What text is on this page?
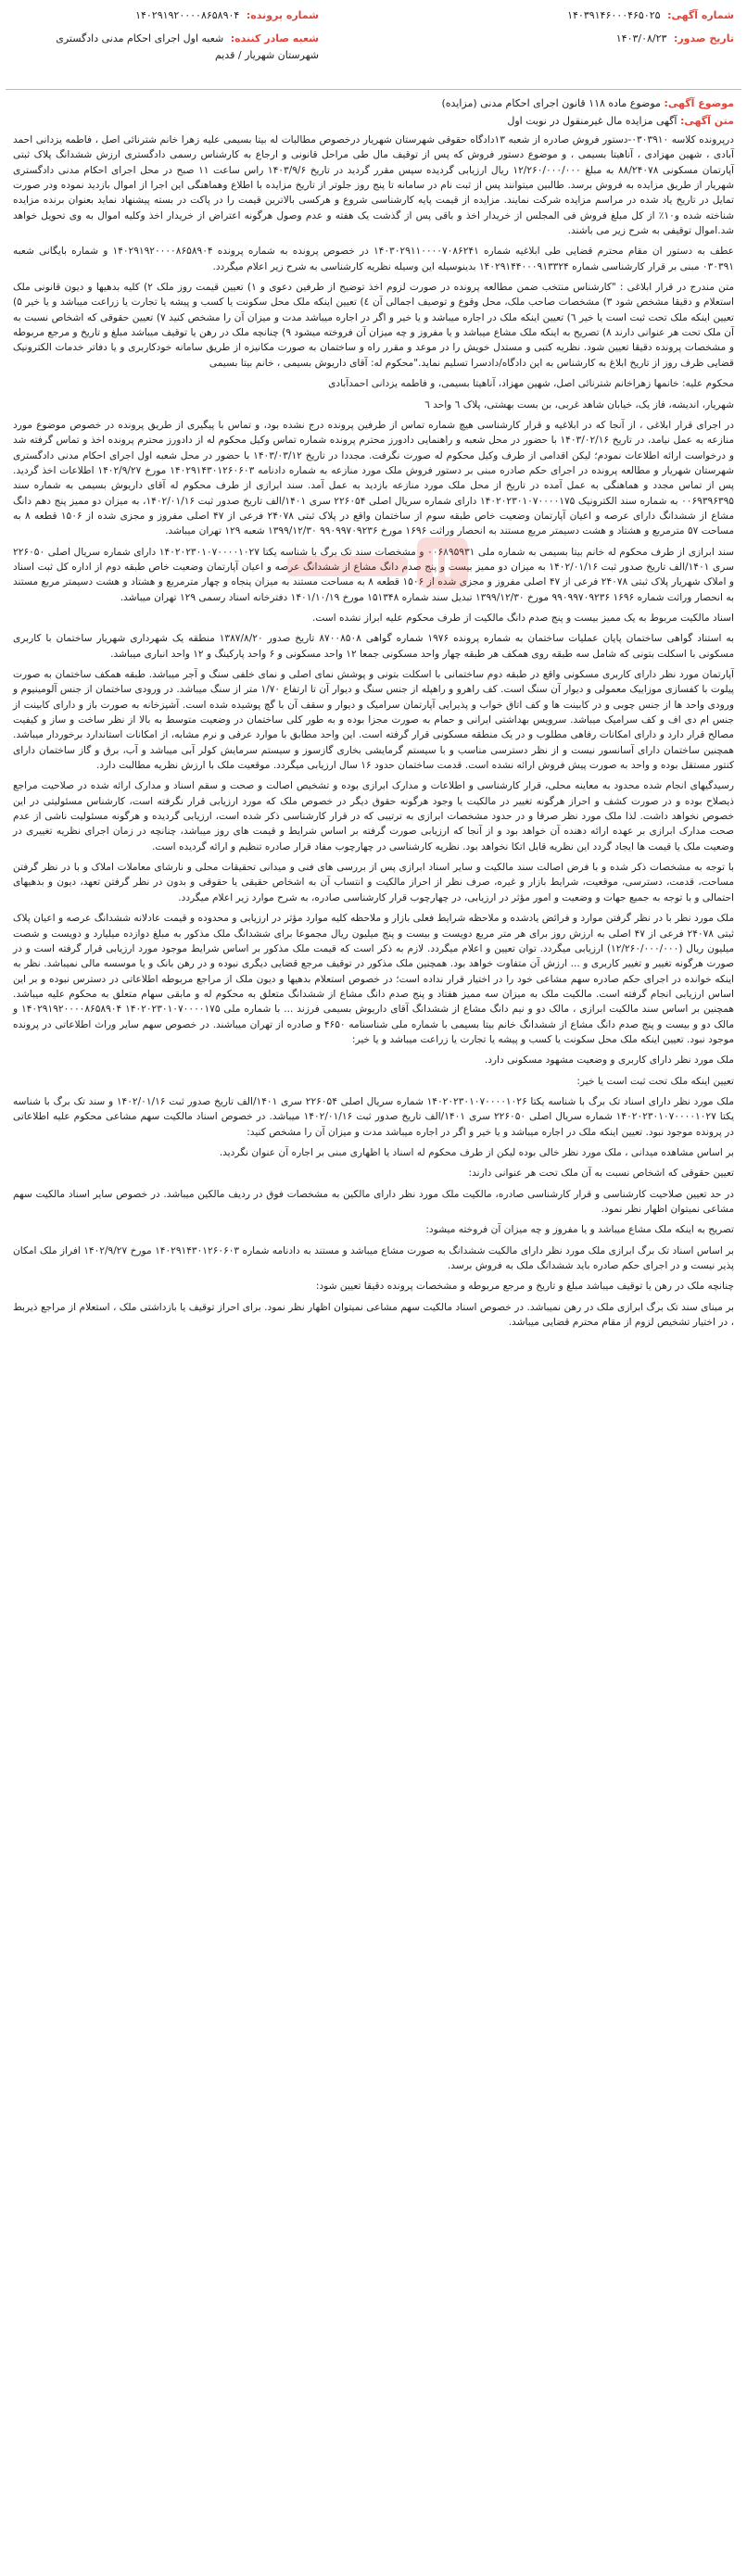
شماره آگهی: ۱۴۰۳۹۱۴۶۰۰۰۴۶۵۰۲۵
تاریخ صدور: ۱۴۰۳/۰۸/۲۳
شماره پرونده: ۱۴۰۲۹۱۹۲۰۰۰۰۸۶۵۸۹۰۴
شعبه صادر کننده: شعبه اول اجرای احکام مدنی دادگستری شهرستان شهریار / قدیم
موضوع آگهی: موضوع ماده ۱۱۸ قانون اجرای احکام مدنی (مزایده)
متن آگهی: آگهی مزایده مال غیرمنقول در نوبت اول

درپرونده کلاسه ۰۳۰۳۹۱۰-دستور فروش صادره از شعبه ۱۳دادگاه حقوقی شهرستان شهریار درخصوص مطالبات له بیتا بسیمی علیه زهرا خانم شترنائی اصل ، فاطمه یزدانی احمد آبادی ، شهین مهزادی ، آناهیتا بسیمی ، و موضوع دستور فروش که پس از توقیف مال طی مراحل قانونی و ارجاع به کارشناس رسمی دادگستری ارزش ششدانگ پلاک ثبتی آپارتمان مسکونی ۸۸/۲۴۰۷۸ به مبلغ ۱۲/۲۶۰/۰۰۰/۰۰۰ ریال ارزیابی گردیده سپس مقرر گردید در تاریخ ۱۴۰۳/۹/۶ راس ساعت ۱۱ صبح در محل اجرای احکام مدنی دادگستری شهریار از طریق مزایده به فروش برسد. طالبین میتوانند پس از ثبت نام در سامانه تا پنج روز جلوتر از تاریخ مزایده با اطلاع وهماهنگی این اجرا از اموال بازدید نموده ودر صورت تمایل در تاریخ یاد شده در مراسم مزایده شرکت نمایند. مزایده از قیمت پایه کارشناسی شروع و هرکسی بالاترین قیمت را در پاکت در بسته پیشنهاد نماید بعنوان برنده مزایده شناخته شده و۱۰٪ از کل مبلغ فروش فی المجلس از خریدار اخذ و باقی پس از گذشت یک هفته و عدم وصول هرگونه اعتراض از خریدار اخذ وکلیه اموال به وی تحویل خواهد شد.اموال توقیفی به شرح زیر می باشند.

عطف به دستور ان مقام محترم قضایی طی ابلاغیه شماره ۱۴۰۳۰۲۹۱۱۰۰۰۰۷۰۸۶۲۴۱ در خصوص پرونده به شماره پرونده ۱۴۰۲۹۱۹۲۰۰۰۰۸۶۵۸۹۰۴ و شماره بایگانی شعبه ۰۳۰۳۹۱ مبنی بر قرار کارشناسی شماره ۱۴۰۲۹۱۴۴۰۰۰۹۱۳۳۲۴ بدینوسیله این وسیله نظریه کارشناسی به شرح زیر اعلام میگردد.

متن مندرج در قرار ابلاغی : "کارشناس منتخب ضمن مطالعه پرونده در صورت لزوم اخذ توضیح از طرفین دعوی و ۱) تعیین قیمت روز ملک ۲) کلیه بدهیها و دیون قانونی ملک استعلام و دقیقا مشخص شود ۳) مشخصات صاحب ملک، محل وقوع و توصیف اجمالی آن ٤) تعیین اینکه ملک محل سکونت یا کسب و پیشه یا تجارت یا زراعت میباشد و یا خیر ۵) تعیین اینکه ملک تحت ثبت است یا خیر ٦) تعیین اینکه ملک در اجاره میباشد و یا خیر و اگر در اجاره میباشد مدت و میزان آن را مشخص کنید ۷) تعیین حقوقی که اشخاص نسبت به آن ملک تحت هر عنوانی دارند ۸) تصریح به اینکه ملک مشاع میباشد و یا مفروز و چه میزان آن فروخته میشود ۹) چنانچه ملک در رهن یا توقیف میباشد مبلغ و تاریخ و مرجع مربوطه و مشخصات پرونده دقیقا تعیین شود. نظریه کتبی و مستدل خویش را در موعد و مقرر راه و ساختمان به صورت مکانیزه از طریق سامانه خودکاربری و یا دفاتر خدمات الکترونیک قضایی ظرف روز از تاریخ ابلاغ به کارشناس به این دادگاه/دادسرا تسلیم نماید."محکوم له: آقای داریوش بسیمی ، خانم بیتا بسیمی

محکوم علیه: خانمها زهراخانم شترنائی اصل، شهین مهزاد، آناهیتا بسیمی، و فاطمه یزدانی احمدآبادی

شهریار، اندیشه، فاز یک، خیابان شاهد غربی، بن بست بهشتی، پلاک ٦ واحد ٦

در اجرای قرار ابلاغی ، از آنجا که در ابلاغیه و قرار کارشناسی هیچ شماره تماس از طرفین پرونده درج نشده بود، و تماس با پیگیری از طریق پرونده در خصوص موضوع مورد منازعه به عمل نیامد، در تاریخ ۱۴۰۳/۰۲/۱۶ با حضور در محل شعبه و راهنمایی دادورز محترم پرونده شماره تماس وکیل محکوم له از دادورز محترم پرونده اخذ و تماس گرفته شد و درخواست ارائه اطلاعات نمودم؛ لیکن اقدامی از طرف وکیل محکوم له صورت نگرفت. مجددا در تاریخ ۱۴۰۳/۰۳/۱۲ با حضور در محل شعبه اول اجرای احکام مدنی دادگستری شهرستان شهریار و مطالعه پرونده در اجرای حکم صادره مبنی بر دستور فروش ملک مورد منازعه به شماره دادنامه ۱۴۰۲۹۱۴۳۰۱۲۶۰۶۰۳ مورخ ۱۴۰۲/۹/۲۷ اطلاعات اخذ گردید. پس از تماس مجدد و هماهنگی به عمل آمده در تاریخ از محل ملک مورد منازعه بازدید به عمل آمد. سند ابرازی از طرف محکوم له آقای داریوش بسیمی به شماره سند ۰۰۶۹۳۹۶۳۹۵ به شماره سند الکترونیک ۱۴۰۲۰۲۳۰۱۰۷۰۰۰۰۱۷۵ دارای شماره سریال اصلی ۲۲۶۰۵۴ سری ۱۴۰۱/الف تاریخ صدور ثبت ۱۴۰۲/۰۱/۱۶، به میزان دو ممیز پنج دهم دانگ مشاع از ششدانگ دارای عرصه و اعیان آپارتمان وضعیت خاص طبقه سوم از ساختمان واقع در پلاک ثبتی ۲۴۰۷۸ فرعی از ۴۷ اصلی مفروز و مجزی شده از ۱۵۰۶ قطعه ۸ به مساحت ۵۷ مترمربع و هشتاد و هشت دسیمتر مربع مستند به انحصار وراثت ۱۶۹۶ مورخ ۹۹۰۹۹۷۰۹۲۳۶ ۱۳۹۹/۱۲/۳۰ شعبه ۱۲۹ تهران میباشد.

سند ابرازی از طرف محکوم له خانم بیتا بسیمی به شماره ملی ۰۰۶۸۹۵۹۳۱ و مشخصات سند تک برگ با شناسه یکتا ۱۴۰۲۰۲۳۰۱۰۷۰۰۰۰۱۰۲۷ دارای شماره سریال اصلی ۲۲۶۰۵۰ سری ۱۴۰۱/الف تاریخ صدور ثبت ۱۴۰۲/۰۱/۱۶ به میزان دو ممیز بیست و پنج صدم دانگ مشاع از ششدانگ عرصه و اعیان آپارتمان وضعیت خاص طبقه دوم از اداره کل ثبت اسناد و املاک شهریار پلاک ثبتی ۲۴۰۷۸ فرعی از ۴۷ اصلی مفروز و مجزی شده از ۱۵۰۶ قطعه ۸ به مساحت مستند به میزان پنجاه و چهار مترمربع و هشتاد و هشت دسیمتر مربع مستند به انحصار وراثت شماره ۱۶۹۶ ۹۹۰۹۹۷۰۹۲۳۶ مورخ ۱۳۹۹/۱۲/۳۰ تبدیل سند شماره ۱۵۱۳۴۸ مورخ ۱۴۰۱/۱۰/۱۹ دفترخانه اسناد رسمی ۱۲۹ تهران میباشد.

اسناد مالکیت مربوط به یک ممیز بیست و پنج صدم دانگ مالکیت از طرف محکوم علیه ابراز نشده است.

به استناد گواهی ساختمان پایان عملیات ساختمان به شماره پرونده ۱۹۷۶ شماره گواهی ۸۷۰۰۸۵۰۸ تاریخ صدور ۱۳۸۷/۸/۲۰ منطقه یک شهرداری شهریار ساختمان با کاربری مسکونی با اسکلت بتونی که شامل سه طبقه روی همکف هر طبقه چهار واحد مسکونی جمعا ۱۲ واحد مسکونی و ۶ واحد پارکینگ و ۱۲ واحد انباری میباشد.

آپارتمان مورد نظر دارای کاربری مسکونی واقع در طبقه دوم ساختمانی با اسکلت بتونی و پوشش نمای اصلی و نمای خلفی سنگ و آجر میباشد. طبقه همکف ساختمان به صورت پیلوت با کفسازی موزاییک معمولی و دیوار آن سنگ است. کف راهرو و راهپله از جنس سنگ و دیوار آن تا ارتفاع ۱/۷۰ متر از سنگ میباشد. در ورودی ساختمان از جنس آلومینیوم و ورودی واحد ها از جنس چوبی و در کابینت ها و کف اتاق خواب و پذیرایی آپارتمان سرامیک و دیوار و سقف آن با گچ پوشیده شده است. آشپزخانه به صورت باز و دارای کابینت از جنس ام دی اف و کف سرامیک میباشد. سرویس بهداشتی ایرانی و حمام به صورت مجزا بوده و به طور کلی ساختمان در وضعیت متوسط به بالا از نظر ساخت و ساز و کیفیت مصالح قرار دارد و دارای امکانات رفاهی مطلوب و در یک منطقه مسکونی قرار گرفته است. این واحد مطابق با موارد عرفی و نرم مشابه، از امکانات استاندارد برخوردار میباشد. همچنین ساختمان دارای آسانسور نیست و از نظر دسترسی مناسب و با سیستم گرمایشی بخاری گازسوز و سیستم سرمایش کولر آبی میباشد و آب، برق و گاز ساختمان دارای کنتور مستقل بوده و واحد به صورت پیش فروش ارائه نشده است. قدمت ساختمان حدود ۱۶ سال ارزیابی میگردد. موقعیت ملک با ارزش نظریه مطالبت دارد.

رسیدگیهای انجام شده محدود به معاینه محلی، قرار کارشناسی و اطلاعات و مدارک ابرازی بوده و تشخیص اصالت و صحت و سقم اسناد و مدارک ارائه شده در صلاحیت مراجع ذیصلاح بوده و در صورت کشف و احراز هرگونه تغییر در مالکیت یا وجود هرگونه حقوق دیگر در خصوص ملک که مورد ارزیابی قرار نگرفته است، کارشناس مسئولیتی در این خصوص نخواهد داشت. لذا ملک مورد نظر صرفا و در حدود مشخصات ابرازی به ترتیبی که در قرار کارشناسی ذکر شده است، ارزیابی گردیده و هرگونه مسئولیت ناشی از عدم صحت مدارک ابرازی بر عهده ارائه دهنده آن خواهد بود و از آنجا که ارزیابی صورت گرفته بر اساس شرایط و قیمت های روز میباشد، چنانچه در زمان اجرای نظریه تغییری در وضعیت ملک یا قیمت ها ایجاد گردد این نظریه قابل اتکا نخواهد بود. نظریه کارشناسی در چهارچوب مفاد قرار صادره تنظیم و ارائه گردیده است.

با توجه به مشخصات ذکر شده و با فرض اصالت سند مالکیت و سایر اسناد ابرازی پس از بررسی های فنی و میدانی تحقیقات محلی و نارشای معاملات املاک و با در نظر گرفتن مساحت، قدمت، دسترسی، موقعیت، شرایط بازار و غیره، صرف نظر از احراز مالکیت و انتساب آن به اشخاص حقیقی یا حقوقی و بدون در نظر گرفتن تعهد، دیون و بدهیهای احتمالی و با توجه به جمیع جهات و وضعیت و امور مؤثر در ارزیابی، در چهارچوب قرار کارشناسی صادره، به شرح موارد زیر اعلام میگردد.

ملک مورد نظر با در نظر گرفتن موارد و فرائض یادشده و ملاحظه شرایط فعلی بازار و ملاحظه کلیه موارد مؤثر در ارزیابی و محدوده و قیمت عادلانه ششدانگ عرصه و اعیان پلاک ثبتی ۲۴۰۷۸ فرعی از ۴۷ اصلی به ارزش روز برای هر متر مربع دویست و بیست و پنج میلیون ریال مجموعا برای ششدانگ ملک مذکور به مبلغ دوازده میلیارد و دویست و شصت میلیون ریال (۱۲/۲۶۰/۰۰۰/۰۰۰) ارزیابی میگردد. توان تعیین و اعلام میگردد. لازم به ذکر است که قیمت ملک مذکور بر اساس شرایط موجود مورد ارزیابی قرار گرفته است و در صورت هرگونه تغییر و تغییر کاربری و ... ارزش آن متفاوت خواهد بود. همچنین ملک مذکور در توقیف مرجع قضایی دیگری نبوده و در رهن بانک و یا موسسه مالی نمیباشد. نظر به اینکه خوانده در اجرای حکم صادره سهم مشاعی خود را در اختیار قرار نداده است؛ در خصوص استعلام بدهیها و دیون ملک از مراجع مربوطه اطلاعاتی در دسترس نبوده و بر این اساس ارزیابی انجام گرفته است. مالکیت ملک به میزان سه ممیز هفتاد و پنج صدم دانگ مشاع از ششدانگ متعلق به محکوم له و مابقی سهام متعلق به محکوم علیه میباشد. همچنین بر اساس سند مالکیت ابرازی ، مالک دو و نیم دانگ مشاع از ششدانگ آقای داریوش بسیمی فرزند ... با شماره ملی ۱۴۰۲۰۲۳۰۱۰۷۰۰۰۰۱۷۵ ۱۴۰۲۹۱۹۲۰۰۰۰۸۶۵۸۹۰۴ و مالک دو و بیست و پنج صدم دانگ مشاع از ششدانگ خانم بیتا بسیمی با شماره ملی شناسنامه ۴۶۵۰ و صادره از تهران میباشند. در خصوص سهم سایر وراث اطلاعاتی در پرونده موجود نبود. تعیین اینکه ملک محل سکونت یا کسب و پیشه یا تجارت یا زراعت میباشد و یا خیر:

ملک مورد نظر دارای کاربری و وضعیت مشهود مسکونی دارد.

تعیین اینکه ملک تحت ثبت است یا خیر:

ملک مورد نظر دارای اسناد تک برگ با شناسه یکتا ۱۴۰۲۰۲۳۰۱۰۷۰۰۰۰۱۰۲۶ شماره سریال اصلی ۲۲۶۰۵۴ سری ۱۴۰۱/الف تاریخ صدور ثبت ۱۴۰۲/۰۱/۱۶ و سند تک برگ با شناسه یکتا ۱۴۰۲۰۲۳۰۱۰۷۰۰۰۰۱۰۲۷ شماره سریال اصلی ۲۲۶۰۵۰ سری ۱۴۰۱/الف تاریخ صدور ثبت ۱۴۰۲/۰۱/۱۶ میباشد. در خصوص اسناد مالکیت سهم مشاعی محکوم علیه اطلاعاتی در پرونده موجود نبود. تعیین اینکه ملک در اجاره میباشد و یا خیر و اگر در اجاره میباشد مدت و میزان آن را مشخص کنید:

بر اساس مشاهده میدانی ، ملک مورد نظر خالی بوده لیکن از طرف محکوم له اسناد یا اظهاری مبنی بر اجاره آن عنوان نگردید.

تعیین حقوقی که اشخاص نسبت به آن ملک تحت هر عنوانی دارند:

در حد تعیین صلاحیت کارشناسی و قرار کارشناسی صادره، مالکیت ملک مورد نظر دارای مالکین به مشخصات فوق در ردیف مالکین میباشد. در خصوص سایر اسناد مالکیت سهم مشاعی نمیتوان اظهار نظر نمود.

تصریح به اینکه ملک مشاع میباشد و یا مفروز و چه میزان آن فروخته میشود:

بر اساس اسناد تک برگ ابرازی ملک مورد نظر دارای مالکیت ششدانگ به صورت مشاع میباشد و مستند به دادنامه شماره ۱۴۰۲۹۱۴۳۰۱۲۶۰۶۰۳ مورخ ۱۴۰۲/۹/۲۷ افراز ملک امکان پذیر نیست و در اجرای حکم صادره باید ششدانگ ملک به فروش برسد.

چنانچه ملک در رهن یا توقیف میباشد مبلغ و تاریخ و مرجع مربوطه و مشخصات پرونده دقیقا تعیین شود:

بر مبنای سند تک برگ ابرازی ملک در رهن نمیباشد. در خصوص اسناد مالکیت سهم مشاعی نمیتوان اظهار نظر نمود. برای احراز توقیف یا بازداشتی ملک ، استعلام از مراجع ذیربط ، در اختیار تشخیص لزوم از مقام محترم قضایی میباشد.
